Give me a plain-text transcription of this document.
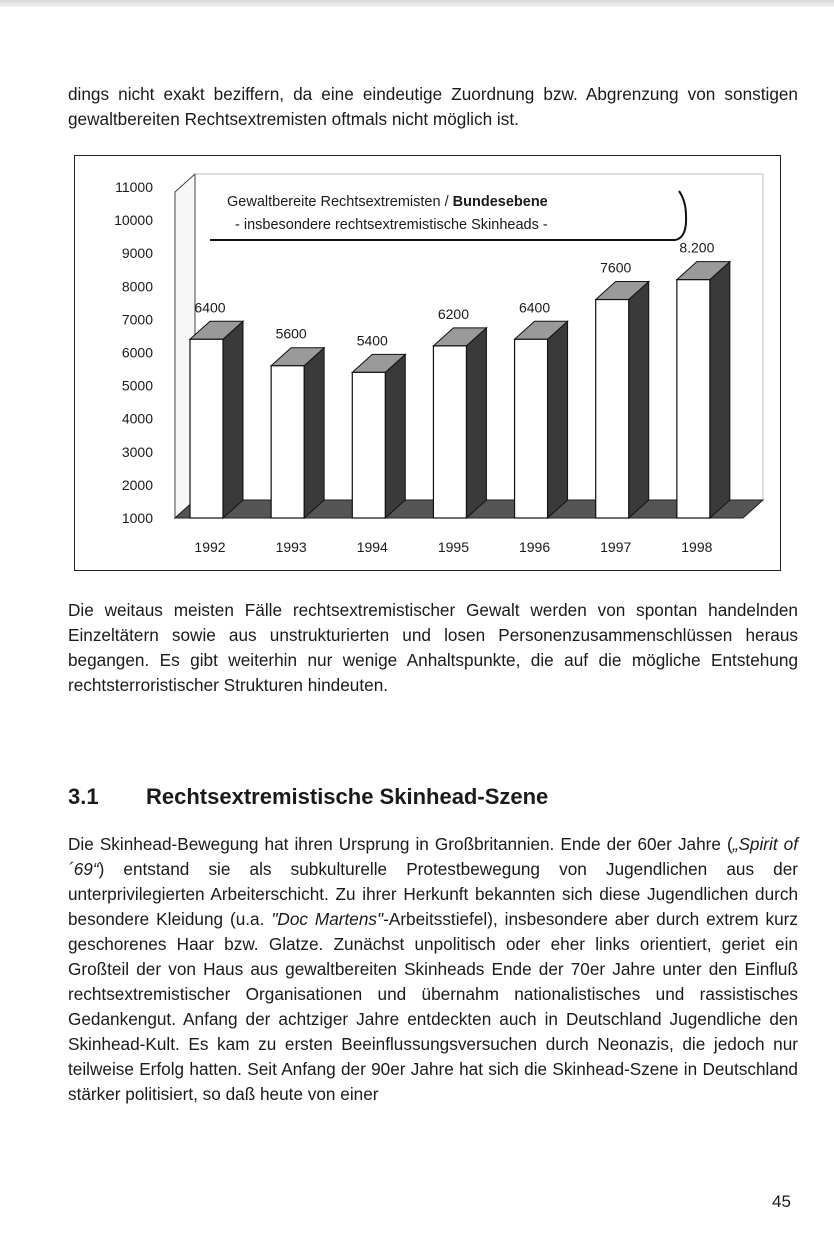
dings nicht exakt beziffern, da eine eindeutige Zuordnung bzw. Abgrenzung von sonstigen gewaltbereiten Rechtsextremisten oftmals nicht möglich ist.

11000
10000
9000
8000
7000
6000
5000
4000
3000
2000
1000
6400
1992
5600
1993
5400
1994
6200
1995
6400
1996
7600
1997
8.200
1998
Gewaltbereite Rechtsextremisten / Bundesebene
- insbesondere rechtsextremistische Skinheads -

Die weitaus meisten Fälle rechtsextremistischer Gewalt werden von spontan handelnden Einzeltätern sowie aus unstrukturierten und losen Personenzusammenschlüssen heraus begangen. Es gibt weiterhin nur wenige Anhaltspunkte, die auf die mögliche Entstehung rechtsterroristischer Strukturen hindeuten.

3.1 Rechtsextremistische Skinhead-Szene

Die Skinhead-Bewegung hat ihren Ursprung in Großbritannien. Ende der 60er Jahre („Spirit of ´69“) entstand sie als subkulturelle Protestbewegung von Jugendlichen aus der unterprivilegierten Arbeiterschicht. Zu ihrer Herkunft bekannten sich diese Jugendlichen durch besondere Kleidung (u.a. "Doc Martens"-Arbeitsstiefel), insbesondere aber durch extrem kurz geschorenes Haar bzw. Glatze. Zunächst unpolitisch oder eher links orientiert, geriet ein Großteil der von Haus aus gewaltbereiten Skinheads Ende der 70er Jahre unter den Einfluß rechtsextremistischer Organisationen und übernahm nationalistisches und rassistisches Gedankengut. Anfang der achtziger Jahre entdeckten auch in Deutschland Jugendliche den Skinhead-Kult. Es kam zu ersten Beeinflussungsversuchen durch Neonazis, die jedoch nur teilweise Erfolg hatten. Seit Anfang der 90er Jahre hat sich die Skinhead-Szene in Deutschland stärker politisiert, so daß heute von einer

45
